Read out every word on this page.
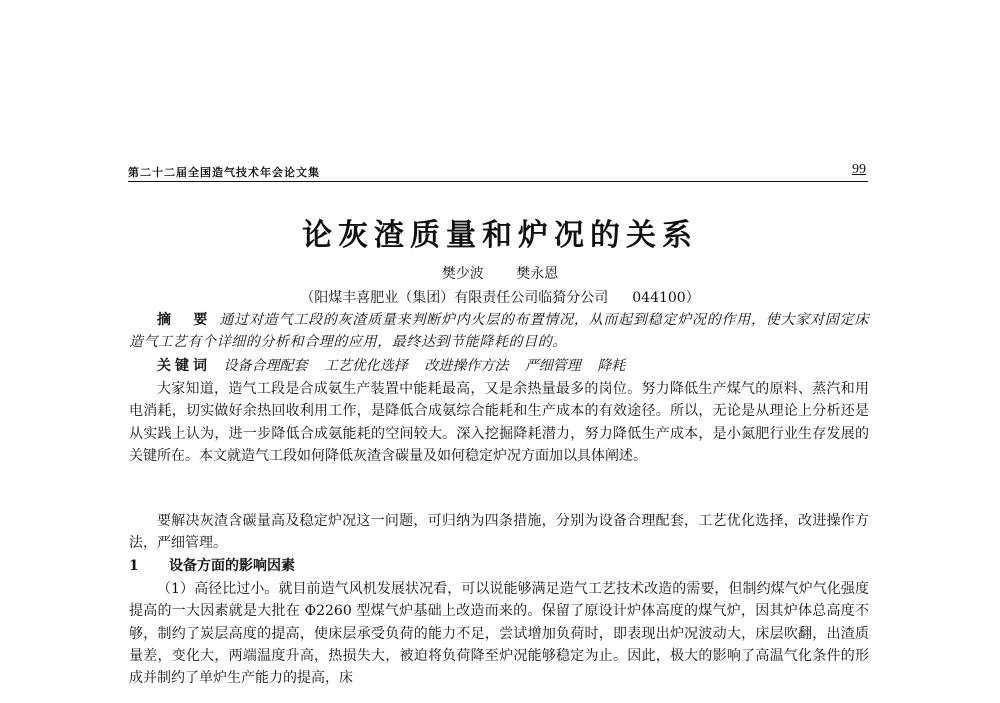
第二十二届全国造气技术年会论文集	99
论灰渣质量和炉况的关系
樊少波 樊永恩
（阳煤丰喜肥业（集团）有限责任公司临猗分公司 044100）

摘　要 通过对造气工段的灰渣质量来判断炉内火层的布置情况，从而起到稳定炉况的作用，使大家对固定床造气工艺有个详细的分析和合理的应用，最终达到节能降耗的目的。

关键词 设备合理配套 工艺优化选择 改进操作方法 严细管理 降耗

大家知道，造气工段是合成氨生产装置中能耗最高，又是余热量最多的岗位。努力降低生产煤气的原料、蒸汽和用电消耗，切实做好余热回收利用工作，是降低合成氨综合能耗和生产成本的有效途径。所以，无论是从理论上分析还是从实践上认为，进一步降低合成氨能耗的空间较大。深入挖掘降耗潜力，努力降低生产成本，是小氮肥行业生存发展的关键所在。本文就造气工段如何降低灰渣含碳量及如何稳定炉况方面加以具体阐述。

要解决灰渣含碳量高及稳定炉况这一问题，可归纳为四条措施，分别为设备合理配套，工艺优化选择，改进操作方法，严细管理。

1 设备方面的影响因素

（1）高径比过小。就目前造气风机发展状况看，可以说能够满足造气工艺技术改造的需要，但制约煤气炉气化强度提高的一大因素就是大批在 Φ2260 型煤气炉基础上改造而来的。保留了原设计炉体高度的煤气炉，因其炉体总高度不够，制约了炭层高度的提高，使床层承受负荷的能力不足，尝试增加负荷时，即表现出炉况波动大，床层吹翻，出渣质量差，变化大，两端温度升高，热损失大，被迫将负荷降至炉况能够稳定为止。因此，极大的影响了高温气化条件的形成并制约了单炉生产能力的提高，床
